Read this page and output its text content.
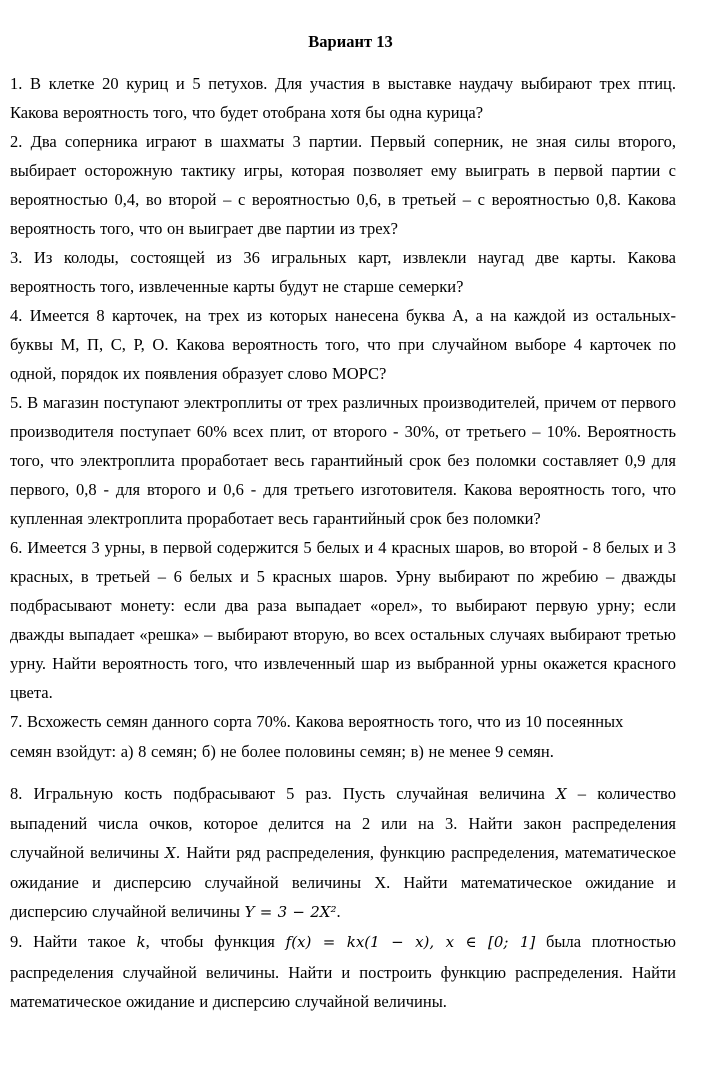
Вариант 13

1. В клетке 20 куриц и 5 петухов. Для участия в выставке наудачу выбирают трех птиц. Какова вероятность того, что будет отобрана хотя бы одна курица?

2. Два соперника играют в шахматы 3 партии. Первый соперник, не зная силы второго, выбирает осторожную тактику игры, которая позволяет ему выиграть в первой партии с вероятностью 0,4, во второй – с вероятностью 0,6, в третьей – с вероятностью 0,8. Какова вероятность того, что он выиграет две партии из трех?

3. Из колоды, состоящей из 36 игральных карт, извлекли наугад две карты. Какова вероятность того, извлеченные карты будут не старше семерки?

4. Имеется 8 карточек, на трех из которых нанесена буква А, а на каждой из остальных- буквы М, П, С, Р, О. Какова вероятность того, что при случайном выборе 4 карточек по одной, порядок их появления образует слово МОРС?

5. В магазин поступают электроплиты от трех различных производителей, причем от первого производителя поступает 60% всех плит, от второго - 30%, от третьего – 10%. Вероятность того, что электроплита проработает весь гарантийный срок без поломки составляет 0,9 для первого, 0,8 - для второго и 0,6 - для третьего изготовителя. Какова вероятность того, что купленная электроплита проработает весь гарантийный срок без поломки?

6. Имеется 3 урны, в первой содержится 5 белых и 4 красных шаров, во второй - 8 белых и 3 красных, в третьей – 6 белых и 5 красных шаров. Урну выбирают по жребию – дважды подбрасывают монету: если два раза выпадает «орел», то выбирают первую урну; если дважды выпадает «решка» – выбирают вторую, во всех остальных случаях выбирают третью урну. Найти вероятность того, что извлеченный шар из выбранной урны окажется красного цвета.

7. Всхожесть семян данного сорта 70%. Какова вероятность того, что из 10 посеянных
семян взойдут: а) 8 семян; б) не более половины семян; в) не менее 9 семян.

8. Игральную кость подбрасывают 5 раз. Пусть случайная величина X – количество выпадений числа очков, которое делится на 2 или на 3. Найти закон распределения случайной величины X. Найти ряд распределения, функцию распределения, математическое ожидание и дисперсию случайной величины X. Найти математическое ожидание и дисперсию случайной величины Y = 3 − 2X².

9. Найти такое k, чтобы функция f(x) = kx(1 − x), x ∈ [0; 1] была плотностью распределения случайной величины. Найти и построить функцию распределения. Найти математическое ожидание и дисперсию случайной величины.
